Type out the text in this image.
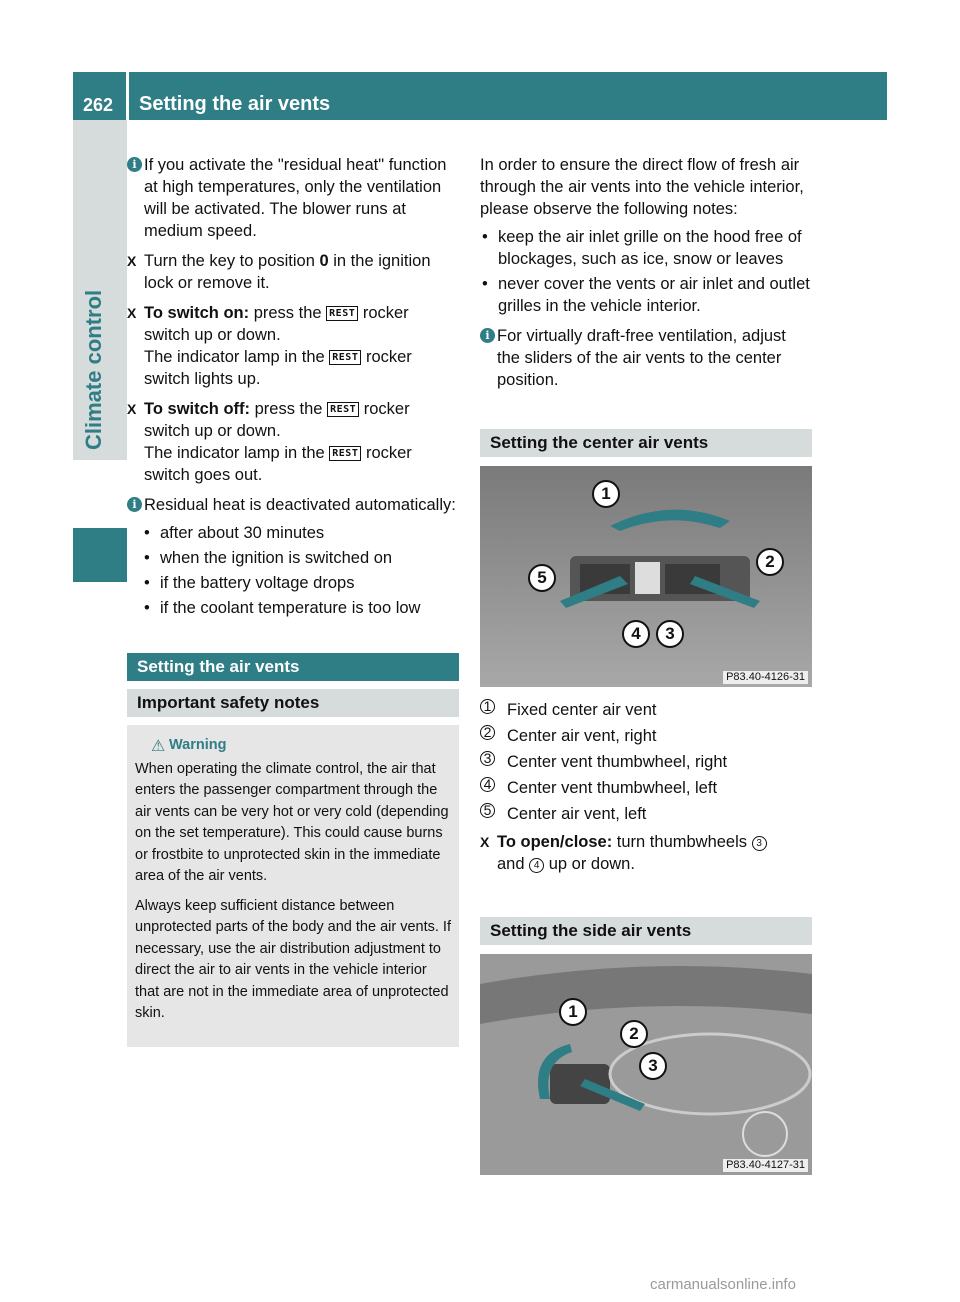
262	Setting the air vents
Climate control
i If you activate the "residual heat" function at high temperatures, only the ventilation will be activated. The blower runs at medium speed.
X Turn the key to position 0 in the ignition lock or remove it.
X To switch on: press the REST rocker switch up or down.
The indicator lamp in the REST rocker switch lights up.
X To switch off: press the REST rocker switch up or down.
The indicator lamp in the REST rocker switch goes out.
i Residual heat is deactivated automatically:
• after about 30 minutes
• when the ignition is switched on
• if the battery voltage drops
• if the coolant temperature is too low
Setting the air vents
Important safety notes
⚠ Warning

When operating the climate control, the air that enters the passenger compartment through the air vents can be very hot or very cold (depending on the set temperature). This could cause burns or frostbite to unprotected skin in the immediate area of the air vents.

Always keep sufficient distance between unprotected parts of the body and the air vents. If necessary, use the air distribution adjustment to direct the air to air vents in the vehicle interior that are not in the immediate area of unprotected skin.

In order to ensure the direct flow of fresh air through the air vents into the vehicle interior, please observe the following notes:

• keep the air inlet grille on the hood free of blockages, such as ice, snow or leaves
• never cover the vents or air inlet and outlet grilles in the vehicle interior.
i For virtually draft-free ventilation, adjust the sliders of the air vents to the center position.
Setting the center air vents
1
2
5
4	3
P83.40-4126-31
1 Fixed center air vent
2 Center air vent, right
3 Center vent thumbwheel, right
4 Center vent thumbwheel, left
5 Center air vent, left
X To open/close: turn thumbwheels 3
and 4 up or down.
Setting the side air vents
1
2
3
P83.40-4127-31
carmanualsonline.info
